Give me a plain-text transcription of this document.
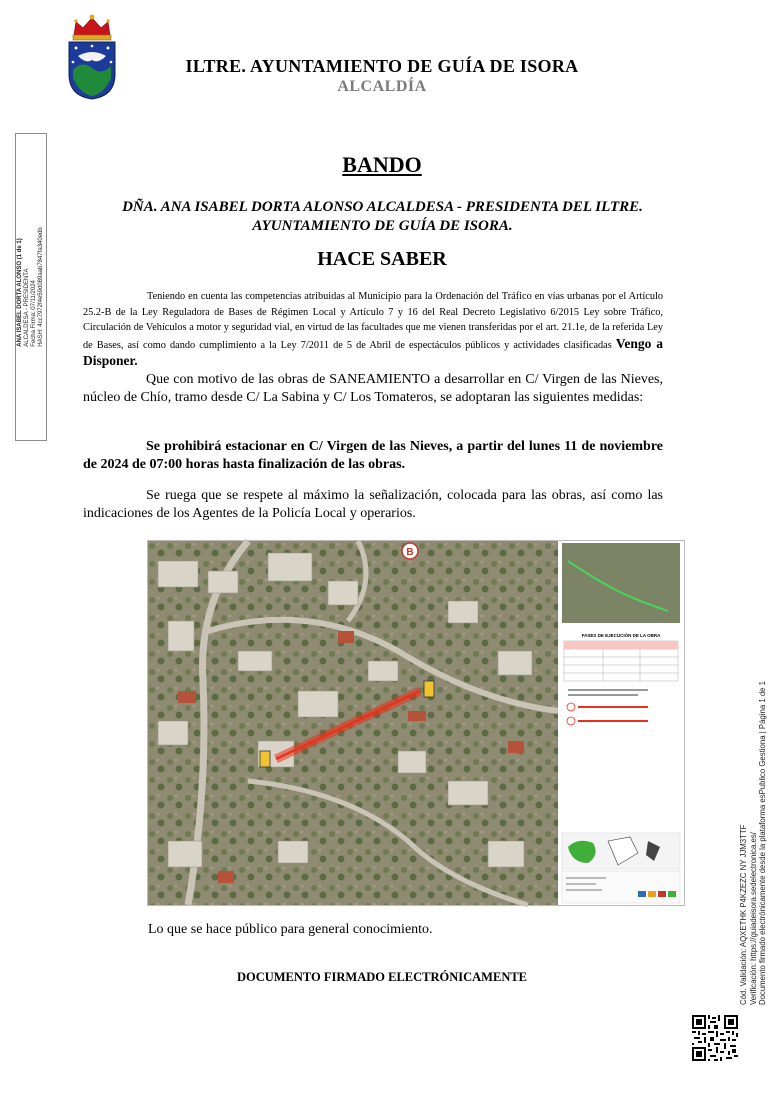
ILTRE. AYUNTAMIENTO DE GUÍA DE ISORA
ALCALDÍA
ANA ISABEL DORTA ALONSO (1 de 1) ALCALDESA - PRESIDENTA Fecha Firma: 07/11/2024 HASH: 4cc7972f4e59d089aab7847fa340edb
BANDO
DÑA. ANA ISABEL DORTA ALONSO ALCALDESA - PRESIDENTA DEL ILTRE. AYUNTAMIENTO DE GUÍA DE ISORA.
HACE SABER
Teniendo en cuenta las competencias atribuidas al Municipio para la Ordenación del Tráfico en vías urbanas por el Artículo 25.2-B de la Ley Reguladora de Bases de Régimen Local y Artículo 7 y 16 del Real Decreto Legislativo 6/2015 Ley sobre Tráfico, Circulación de Vehículos a motor y seguridad vial, en virtud de las facultades que me vienen transferidas por el art. 21.1e, de la referida Ley de Bases, así como dando cumplimiento a la Ley 7/2011 de 5 de Abril de espectáculos públicos y actividades clasificadas Vengo a Disponer.
Que con motivo de las obras de SANEAMIENTO a desarrollar en C/ Virgen de las Nieves, núcleo de Chío, tramo desde C/ La Sabina y C/ Los Tomateros, se adoptaran las siguientes medidas:
Se prohibirá estacionar en C/ Virgen de las Nieves, a partir del lunes 11 de noviembre de 2024 de 07:00 horas hasta finalización de las obras.
Se ruega que se respete al máximo la señalización, colocada para las obras, así como las indicaciones de los Agentes de la Policía Local y operarios.
B
FASES DE EJECUCIÓN DE LA OBRA
Lo que se hace público para general conocimiento.
DOCUMENTO FIRMADO ELECTRÓNICAMENTE	Cód. Validación: AQXETHK P4KZEZC NY JJM3TTF Verificación: https://guiadeisora.sedelectronica.es/ Documento firmado electrónicamente desde la plataforma esPublico Gestiona | Página 1 de 1
